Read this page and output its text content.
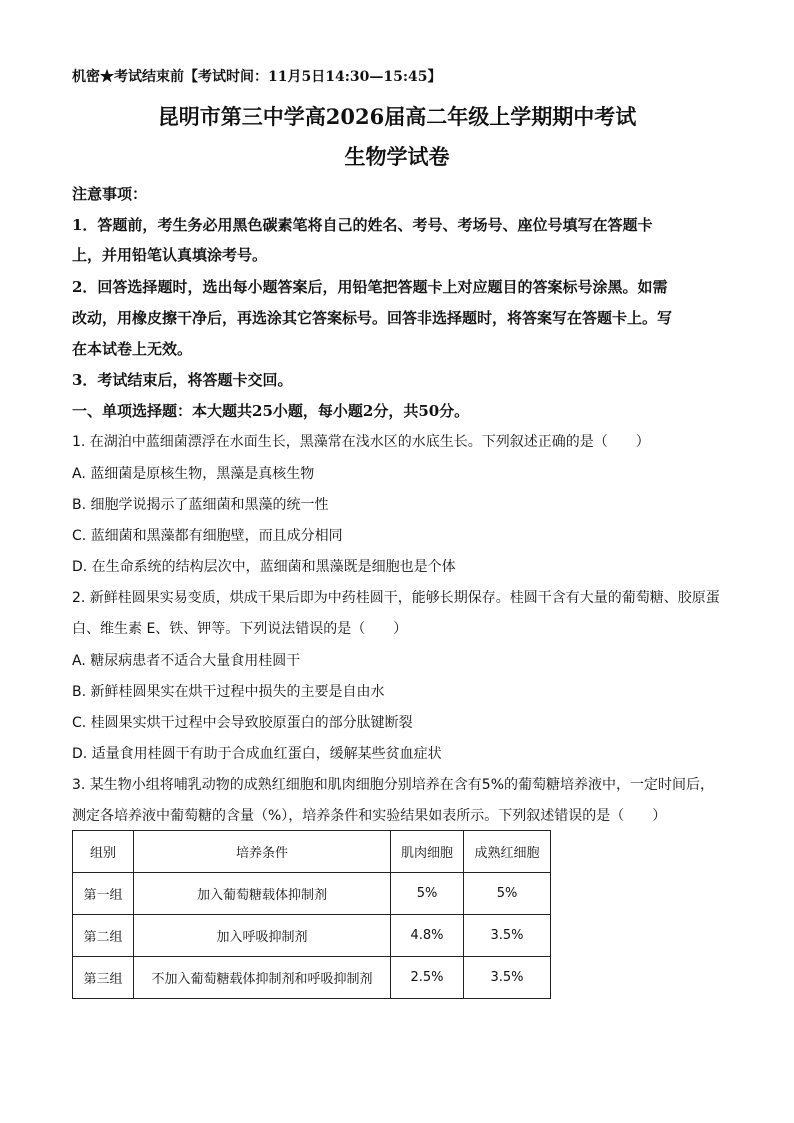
机密★考试结束前【考试时间：11月5日14:30—15:45】
昆明市第三中学高2026届高二年级上学期期中考试
生物学试卷
注意事项：
1．答题前，考生务必用黑色碳素笔将自己的姓名、考号、考场号、座位号填写在答题卡
上，并用铅笔认真填涂考号。
2．回答选择题时，选出每小题答案后，用铅笔把答题卡上对应题目的答案标号涂黑。如需
改动，用橡皮擦干净后，再选涂其它答案标号。回答非选择题时，将答案写在答题卡上。写
在本试卷上无效。
3．考试结束后，将答题卡交回。
一、单项选择题：本大题共25小题，每小题2分，共50分。
1. 在湖泊中蓝细菌漂浮在水面生长，黑藻常在浅水区的水底生长。下列叙述正确的是（　　）
A. 蓝细菌是原核生物，黑藻是真核生物
B. 细胞学说揭示了蓝细菌和黑藻的统一性
C. 蓝细菌和黑藻都有细胞壁，而且成分相同
D. 在生命系统的结构层次中，蓝细菌和黑藻既是细胞也是个体
2. 新鲜桂圆果实易变质，烘成干果后即为中药桂圆干，能够长期保存。桂圆干含有大量的葡萄糖、胶原蛋
白、维生素 E、铁、钾等。下列说法错误的是（　　）
A. 糖尿病患者不适合大量食用桂圆干
B. 新鲜桂圆果实在烘干过程中损失的主要是自由水
C. 桂圆果实烘干过程中会导致胶原蛋白的部分肽键断裂
D. 适量食用桂圆干有助于合成血红蛋白，缓解某些贫血症状
3. 某生物小组将哺乳动物的成熟红细胞和肌肉细胞分别培养在含有5%的葡萄糖培养液中，一定时间后，
测定各培养液中葡萄糖的含量（%），培养条件和实验结果如表所示。下列叙述错误的是（　　）
组别	培养条件	肌肉细胞	成熟红细胞
第一组	加入葡萄糖载体抑制剂	5%	5%
第二组	加入呼吸抑制剂	4.8%	3.5%
第三组	不加入葡萄糖载体抑制剂和呼吸抑制剂	2.5%	3.5%
